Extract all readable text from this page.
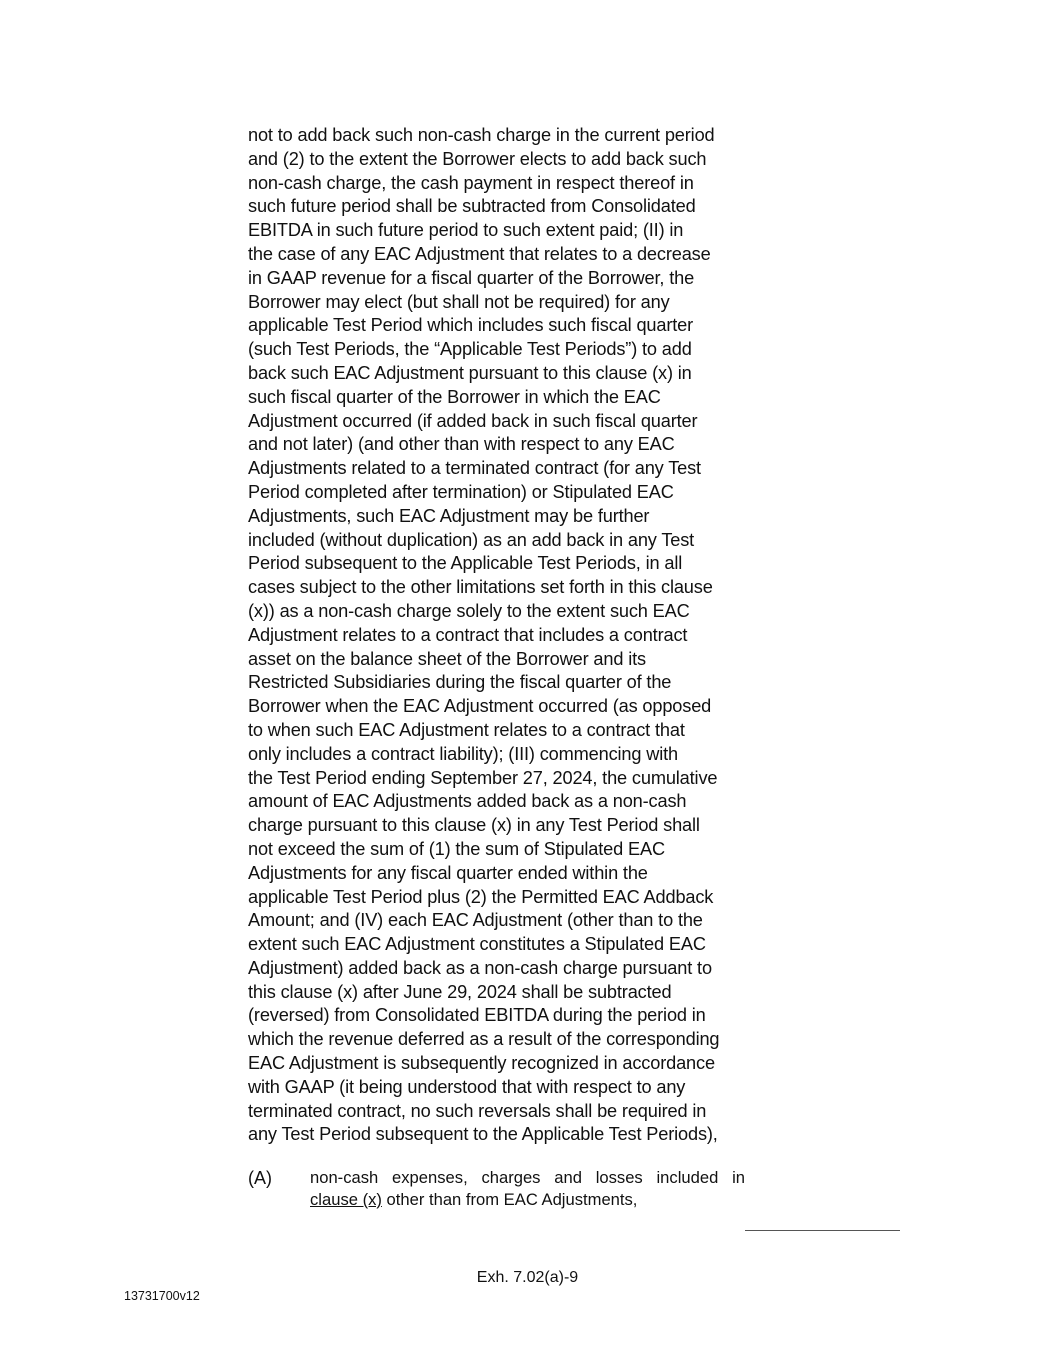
not to add back such non-cash charge in the current period
and (2) to the extent the Borrower elects to add back such
non-cash charge, the cash payment in respect thereof in
such future period shall be subtracted from Consolidated
EBITDA in such future period to such extent paid; (II) in
the case of any EAC Adjustment that relates to a decrease
in GAAP revenue for a fiscal quarter of the Borrower, the
Borrower may elect (but shall not be required) for any
applicable Test Period which includes such fiscal quarter
(such Test Periods, the “Applicable Test Periods”) to add
back such EAC Adjustment pursuant to this clause (x) in
such fiscal quarter of the Borrower in which the EAC
Adjustment occurred (if added back in such fiscal quarter
and not later) (and other than with respect to any EAC
Adjustments related to a terminated contract (for any Test
Period completed after termination) or Stipulated EAC
Adjustments, such EAC Adjustment may be further
included (without duplication) as an add back in any Test
Period subsequent to the Applicable Test Periods, in all
cases subject to the other limitations set forth in this clause
(x)) as a non-cash charge solely to the extent such EAC
Adjustment relates to a contract that includes a contract
asset on the balance sheet of the Borrower and its
Restricted Subsidiaries during the fiscal quarter of the
Borrower when the EAC Adjustment occurred (as opposed
to when such EAC Adjustment relates to a contract that
only includes a contract liability); (III) commencing with
the Test Period ending September 27, 2024, the cumulative
amount of EAC Adjustments added back as a non-cash
charge pursuant to this clause (x) in any Test Period shall
not exceed the sum of (1) the sum of Stipulated EAC
Adjustments for any fiscal quarter ended within the
applicable Test Period plus (2) the Permitted EAC Addback
Amount; and (IV) each EAC Adjustment (other than to the
extent such EAC Adjustment constitutes a Stipulated EAC
Adjustment) added back as a non-cash charge pursuant to
this clause (x) after June 29, 2024 shall be subtracted
(reversed) from Consolidated EBITDA during the period in
which the revenue deferred as a result of the corresponding
EAC Adjustment is subsequently recognized in accordance
with GAAP (it being understood that with respect to any
terminated contract, no such reversals shall be required in
any Test Period subsequent to the Applicable Test Periods),
(A) non-cash expenses, charges and losses included in
clause (x) other than from EAC Adjustments,
Exh. 7.02(a)-9
13731700v12
